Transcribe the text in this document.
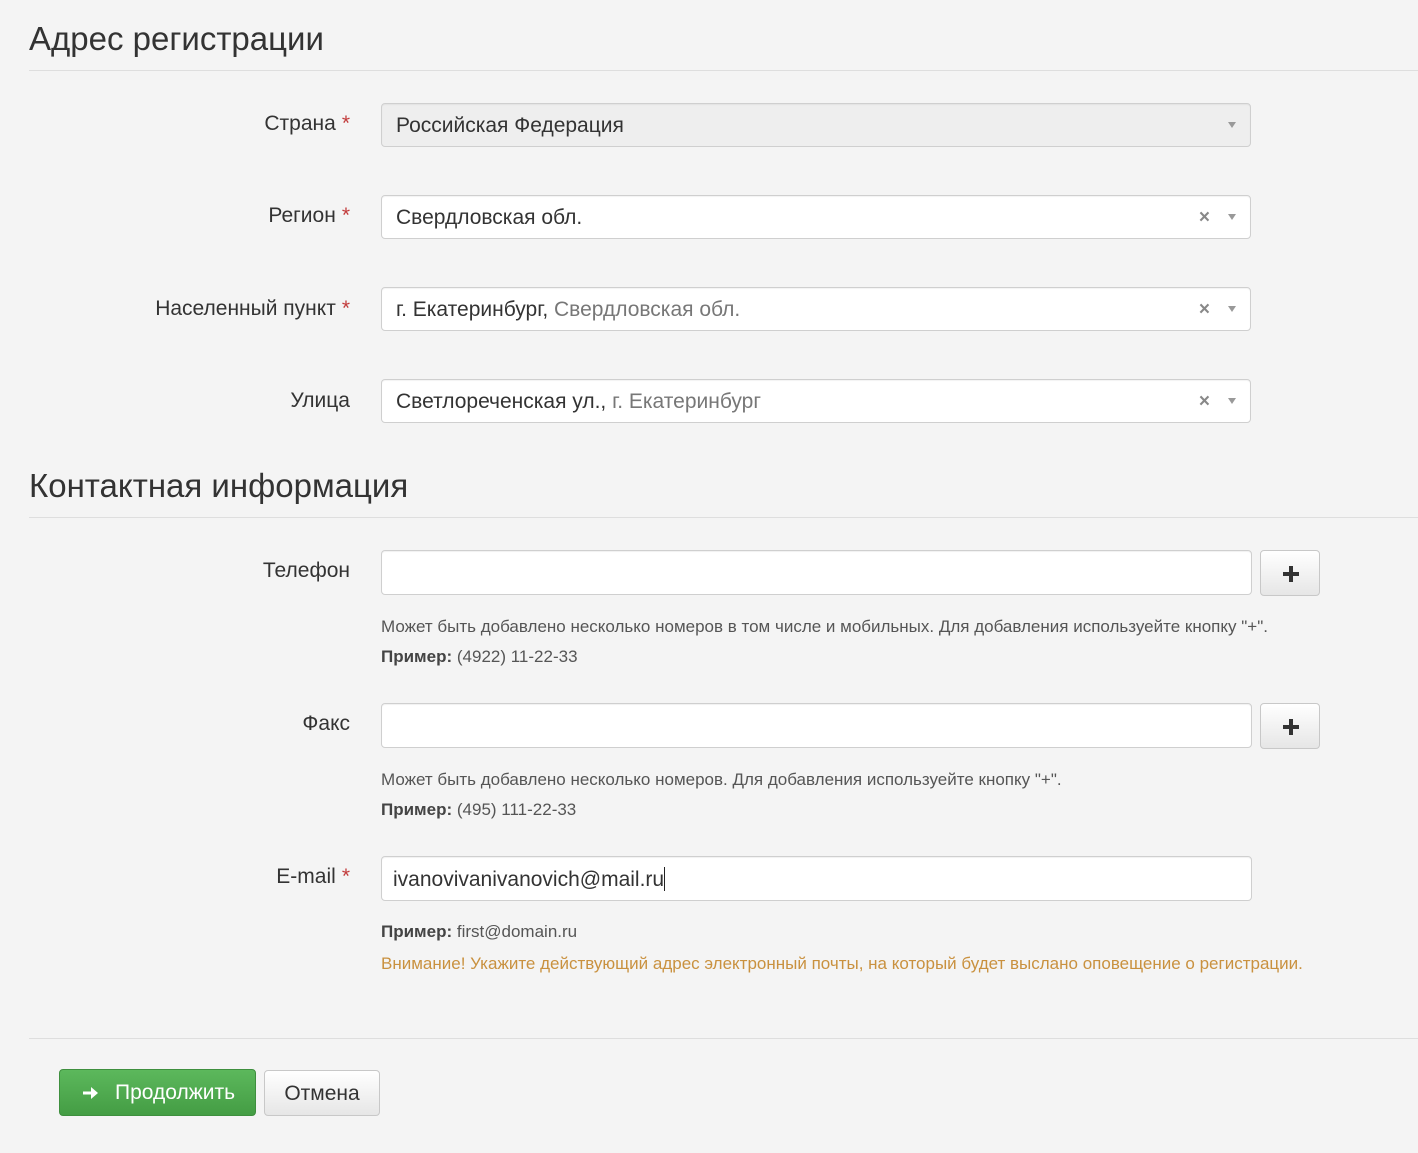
Адрес регистрации
Страна * Российская Федерация
Регион * Свердловская обл.	×
Населенный пункт * г. Екатеринбург, Свердловская обл.	×
Улица Светлореченская ул., г. Екатеринбург	×
Контактная информация
Телефон
Может быть добавлено несколько номеров в том числе и мобильных. Для добавления используейте кнопку "+".
Пример: (4922) 11-22-33
Факс
Может быть добавлено несколько номеров. Для добавления используейте кнопку "+".
Пример: (495) 111-22-33
E-mail * ivanovivanivanovich@mail.ru
Пример: first@domain.ru
Внимание! Укажите действующий адрес электронный почты, на который будет выслано оповещение о регистрации.
Продолжить	Отмена
